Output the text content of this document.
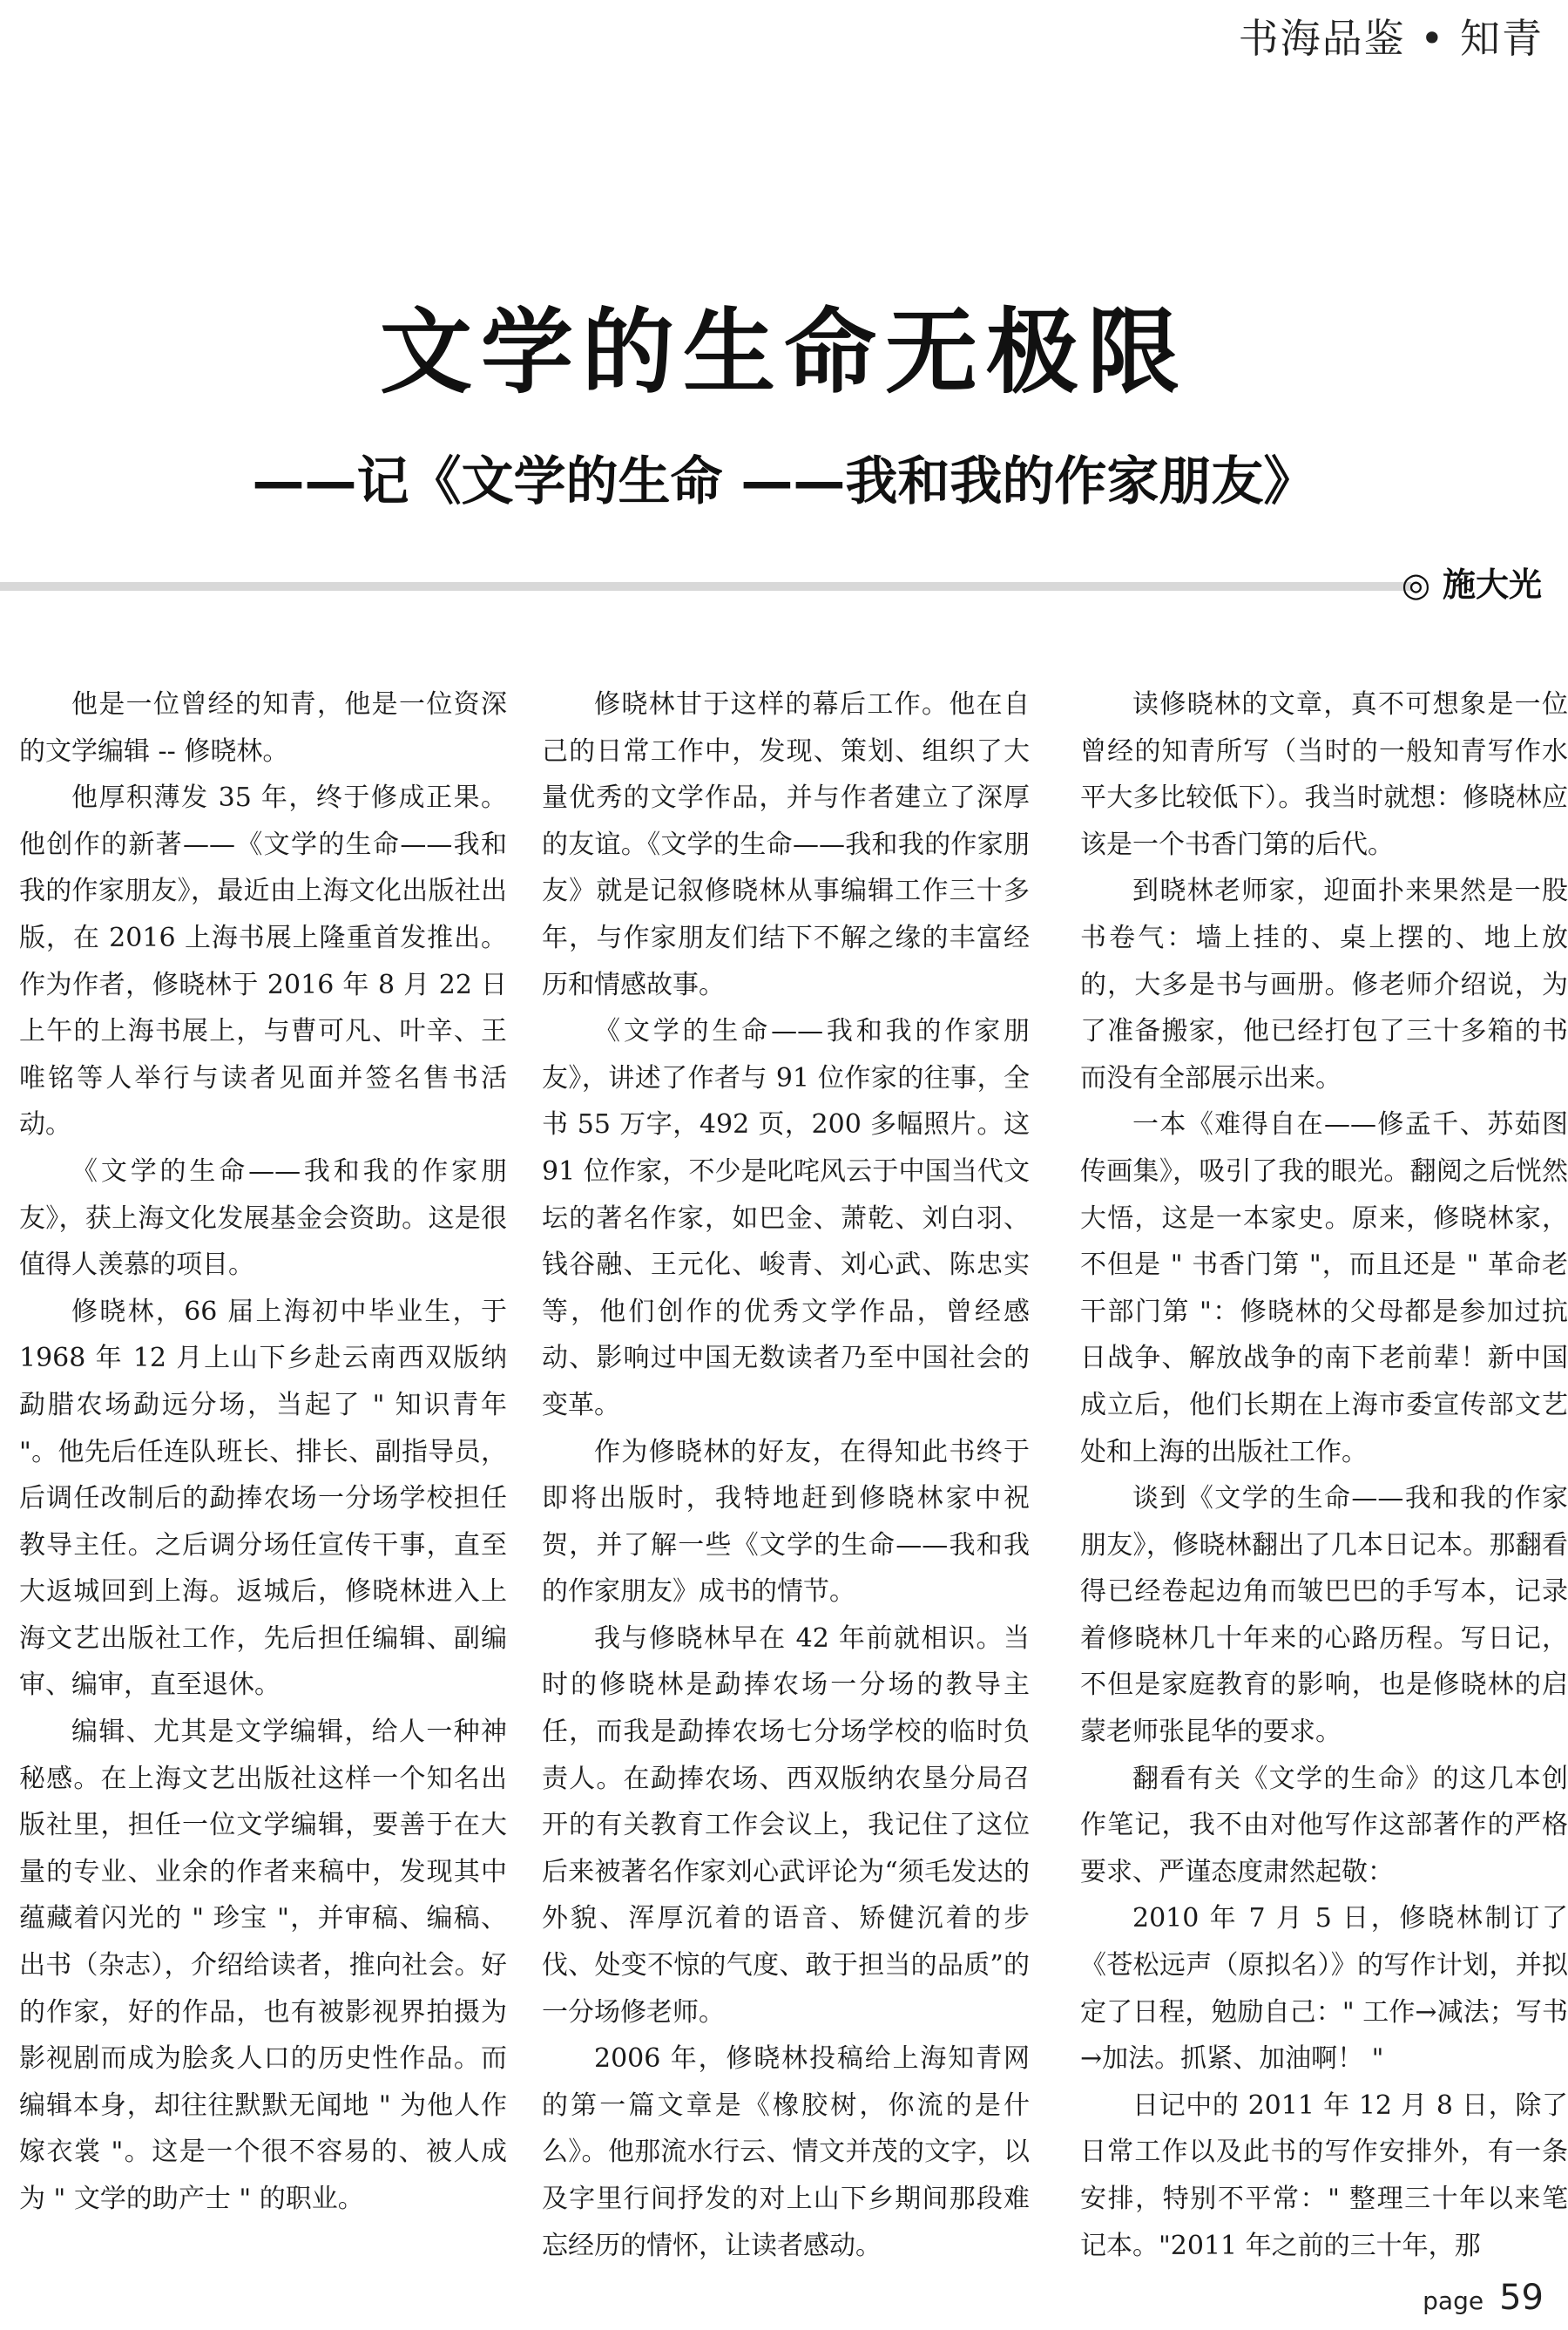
书海品鉴 • 知青
文学的生命无极限
——记《文学的生命 ——我和我的作家朋友》
◎ 施大光

他是一位曾经的知青，他是一位资深的文学编辑 -- 修晓林。

他厚积薄发 35 年，终于修成正果。他创作的新著——《文学的生命——我和我的作家朋友》，最近由上海文化出版社出版，在 2016 上海书展上隆重首发推出。作为作者，修晓林于 2016 年 8 月 22 日上午的上海书展上，与曹可凡、叶辛、王唯铭等人举行与读者见面并签名售书活动。

《文学的生命——我和我的作家朋友》，获上海文化发展基金会资助。这是很值得人羡慕的项目。

修晓林，66 届上海初中毕业生，于 1968 年 12 月上山下乡赴云南西双版纳勐腊农场勐远分场，当起了 " 知识青年 "。他先后任连队班长、排长、副指导员，后调任改制后的勐捧农场一分场学校担任教导主任。之后调分场任宣传干事，直至大返城回到上海。返城后，修晓林进入上海文艺出版社工作，先后担任编辑、副编审、编审，直至退休。

编辑、尤其是文学编辑，给人一种神秘感。在上海文艺出版社这样一个知名出版社里，担任一位文学编辑，要善于在大量的专业、业余的作者来稿中，发现其中蕴藏着闪光的 " 珍宝 "，并审稿、编稿、出书（杂志），介绍给读者，推向社会。好的作家，好的作品，也有被影视界拍摄为影视剧而成为脍炙人口的历史性作品。而编辑本身，却往往默默无闻地 " 为他人作嫁衣裳 "。这是一个很不容易的、被人成为 " 文学的助产士 " 的职业。

修晓林甘于这样的幕后工作。他在自己的日常工作中，发现、策划、组织了大量优秀的文学作品，并与作者建立了深厚的友谊。《文学的生命——我和我的作家朋友》就是记叙修晓林从事编辑工作三十多年，与作家朋友们结下不解之缘的丰富经历和情感故事。

《文学的生命——我和我的作家朋友》，讲述了作者与 91 位作家的往事，全书 55 万字，492 页，200 多幅照片。这 91 位作家，不少是叱咤风云于中国当代文坛的著名作家，如巴金、萧乾、刘白羽、钱谷融、王元化、峻青、刘心武、陈忠实等，他们创作的优秀文学作品，曾经感动、影响过中国无数读者乃至中国社会的变革。

作为修晓林的好友，在得知此书终于即将出版时，我特地赶到修晓林家中祝贺，并了解一些《文学的生命——我和我的作家朋友》成书的情节。

我与修晓林早在 42 年前就相识。当时的修晓林是勐捧农场一分场的教导主任，而我是勐捧农场七分场学校的临时负责人。在勐捧农场、西双版纳农垦分局召开的有关教育工作会议上，我记住了这位后来被著名作家刘心武评论为“须毛发达的外貌、浑厚沉着的语音、矫健沉着的步伐、处变不惊的气度、敢于担当的品质”的一分场修老师。

2006 年，修晓林投稿给上海知青网的第一篇文章是《橡胶树，你流的是什么》。他那流水行云、情文并茂的文字，以及字里行间抒发的对上山下乡期间那段难忘经历的情怀，让读者感动。

读修晓林的文章，真不可想象是一位曾经的知青所写（当时的一般知青写作水平大多比较低下）。我当时就想：修晓林应该是一个书香门第的后代。

到晓林老师家，迎面扑来果然是一股书卷气：墙上挂的、桌上摆的、地上放的，大多是书与画册。修老师介绍说，为了准备搬家，他已经打包了三十多箱的书而没有全部展示出来。

一本《难得自在——修孟千、苏茹图传画集》，吸引了我的眼光。翻阅之后恍然大悟，这是一本家史。原来，修晓林家，不但是 " 书香门第 "，而且还是 " 革命老干部门第 "：修晓林的父母都是参加过抗日战争、解放战争的南下老前辈！新中国成立后，他们长期在上海市委宣传部文艺处和上海的出版社工作。

谈到《文学的生命——我和我的作家朋友》，修晓林翻出了几本日记本。那翻看得已经卷起边角而皱巴巴的手写本，记录着修晓林几十年来的心路历程。写日记，不但是家庭教育的影响，也是修晓林的启蒙老师张昆华的要求。

翻看有关《文学的生命》的这几本创作笔记，我不由对他写作这部著作的严格要求、严谨态度肃然起敬：

2010 年 7 月 5 日，修晓林制订了《苍松远声（原拟名）》的写作计划，并拟定了日程，勉励自己：" 工作→减法；写书→加法。抓紧、加油啊！ "

日记中的 2011 年 12 月 8 日，除了日常工作以及此书的写作安排外，有一条安排，特别不平常：" 整理三十年以来笔记本。"2011 年之前的三十年，那

page 59
